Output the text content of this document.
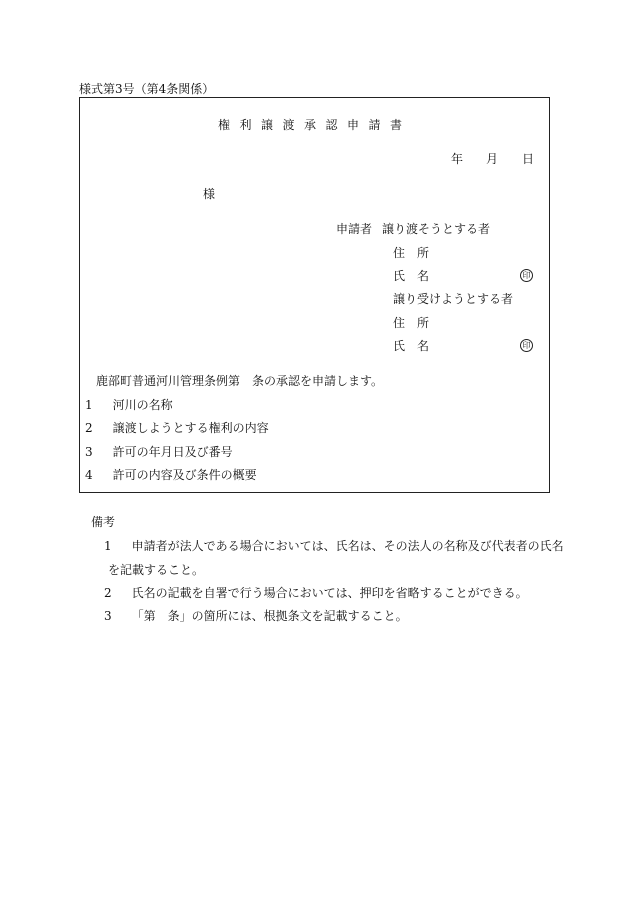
様式第3号（第4条関係）
権利譲渡承認申請書
年 月 日
様
申請者 譲り渡そうとする者
住　所
氏　名	印
譲り受けようとする者
住　所
氏　名	印
鹿部町普通河川管理条例第　条の承認を申請します。
1 河川の名称
2 譲渡しようとする権利の内容
3 許可の年月日及び番号
4 許可の内容及び条件の概要
備考
1 申請者が法人である場合においては、氏名は、その法人の名称及び代表者の氏名
を記載すること。
2 氏名の記載を自署で行う場合においては、押印を省略することができる。
3 「第　条」の箇所には、根拠条文を記載すること。
